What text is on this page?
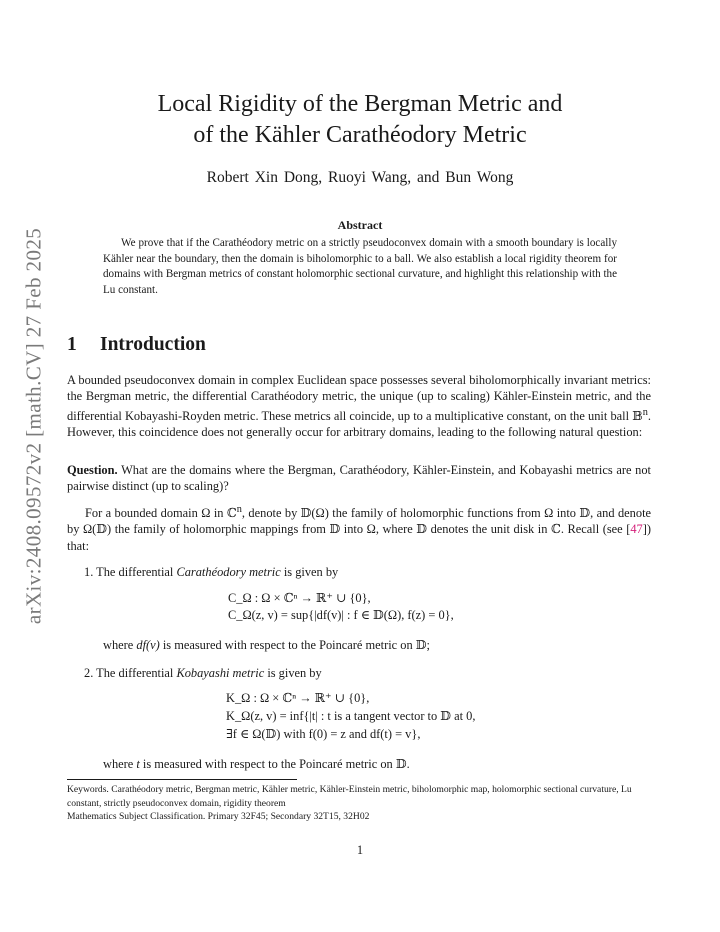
arXiv:2408.09572v2 [math.CV] 27 Feb 2025
Local Rigidity of the Bergman Metric and
of the Kähler Carathéodory Metric
Robert Xin Dong, Ruoyi Wang, and Bun Wong
Abstract
We prove that if the Carathéodory metric on a strictly pseudoconvex domain with a smooth boundary is locally Kähler near the boundary, then the domain is biholomorphic to a ball. We also establish a local rigidity theorem for domains with Bergman metrics of constant holomorphic sectional curvature, and highlight this relationship with the Lu constant.
1 Introduction
A bounded pseudoconvex domain in complex Euclidean space possesses several biholomorphically invariant metrics: the Bergman metric, the differential Carathéodory metric, the unique (up to scaling) Kähler-Einstein metric, and the differential Kobayashi-Royden metric. These metrics all coincide, up to a multiplicative constant, on the unit ball 𝔹$^n$. However, this coincidence does not generally occur for arbitrary domains, leading to the following natural question:
Question. What are the domains where the Bergman, Carathéodory, Kähler-Einstein, and Kobayashi metrics are not pairwise distinct (up to scaling)?
For a bounded domain Ω in ℂ$^n$, denote by 𝔻(Ω) the family of holomorphic functions from Ω into 𝔻, and denote by Ω(𝔻) the family of holomorphic mappings from 𝔻 into Ω, where 𝔻 denotes the unit disk in ℂ. Recall (see [47]) that:
1. The differential Carathéodory metric is given by
C_Ω : Ω × ℂⁿ → ℝ⁺ ∪ {0},
C_Ω(z, v) = sup{|df(v)| : f ∈ 𝔻(Ω), f(z) = 0},
where df(v) is measured with respect to the Poincaré metric on 𝔻;
2. The differential Kobayashi metric is given by
K_Ω : Ω × ℂⁿ → ℝ⁺ ∪ {0},
K_Ω(z, v) = inf{|t| : t is a tangent vector to 𝔻 at 0,
∃f ∈ Ω(𝔻) with f(0) = z and df(t) = v},
where t is measured with respect to the Poincaré metric on 𝔻.
Keywords. Carathéodory metric, Bergman metric, Kähler metric, Kähler-Einstein metric, biholomorphic map, holomorphic sectional curvature, Lu constant, strictly pseudoconvex domain, rigidity theorem
Mathematics Subject Classification. Primary 32F45; Secondary 32T15, 32H02
1
